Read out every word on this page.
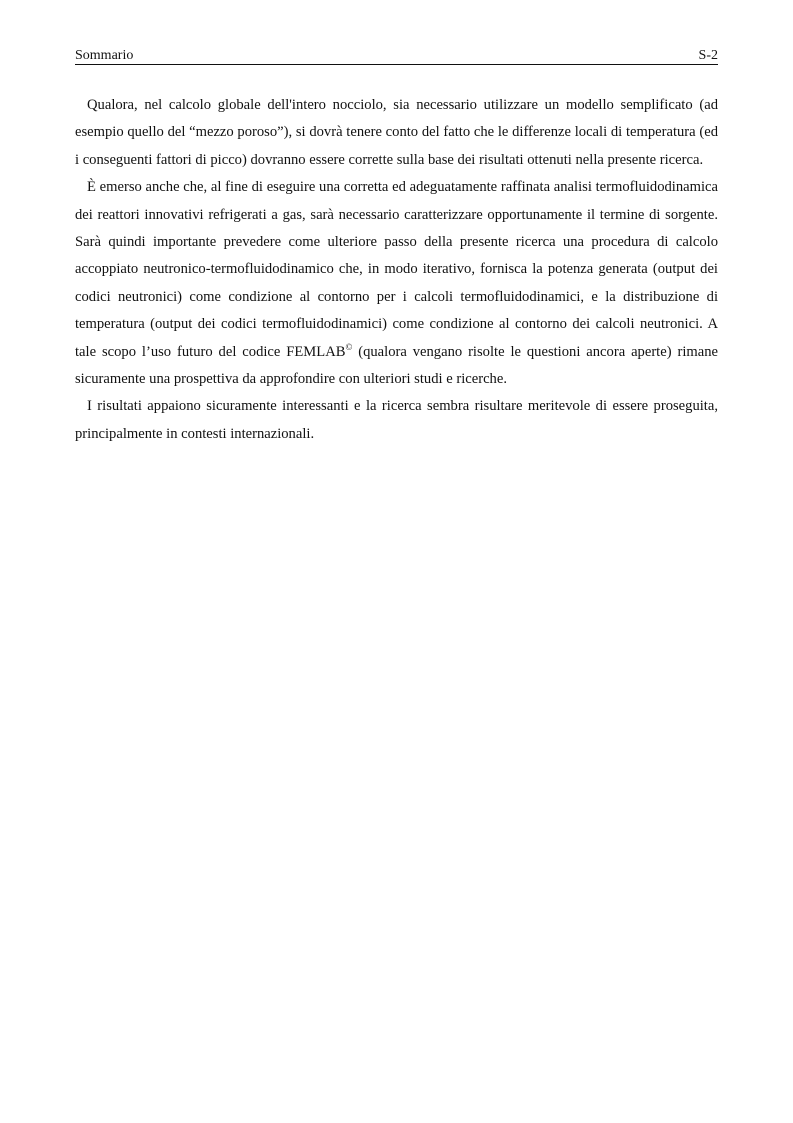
Sommario	S-2

Qualora, nel calcolo globale dell'intero nocciolo, sia necessario utilizzare un modello semplificato (ad esempio quello del “mezzo poroso”), si dovrà tenere conto del fatto che le differenze locali di temperatura (ed i conseguenti fattori di picco) dovranno essere corrette sulla base dei risultati ottenuti nella presente ricerca.

È emerso anche che, al fine di eseguire una corretta ed adeguatamente raffinata analisi termofluidodinamica dei reattori innovativi refrigerati a gas, sarà necessario caratterizzare opportunamente il termine di sorgente. Sarà quindi importante prevedere come ulteriore passo della presente ricerca una procedura di calcolo accoppiato neutronico-termofluidodinamico che, in modo iterativo, fornisca la potenza generata (output dei codici neutronici) come condizione al contorno per i calcoli termofluidodinamici, e la distribuzione di temperatura (output dei codici termofluidodinamici) come condizione al contorno dei calcoli neutronici. A tale scopo l’uso futuro del codice FEMLAB© (qualora vengano risolte le questioni ancora aperte) rimane sicuramente una prospettiva da approfondire con ulteriori studi e ricerche.

I risultati appaiono sicuramente interessanti e la ricerca sembra risultare meritevole di essere proseguita, principalmente in contesti internazionali.
